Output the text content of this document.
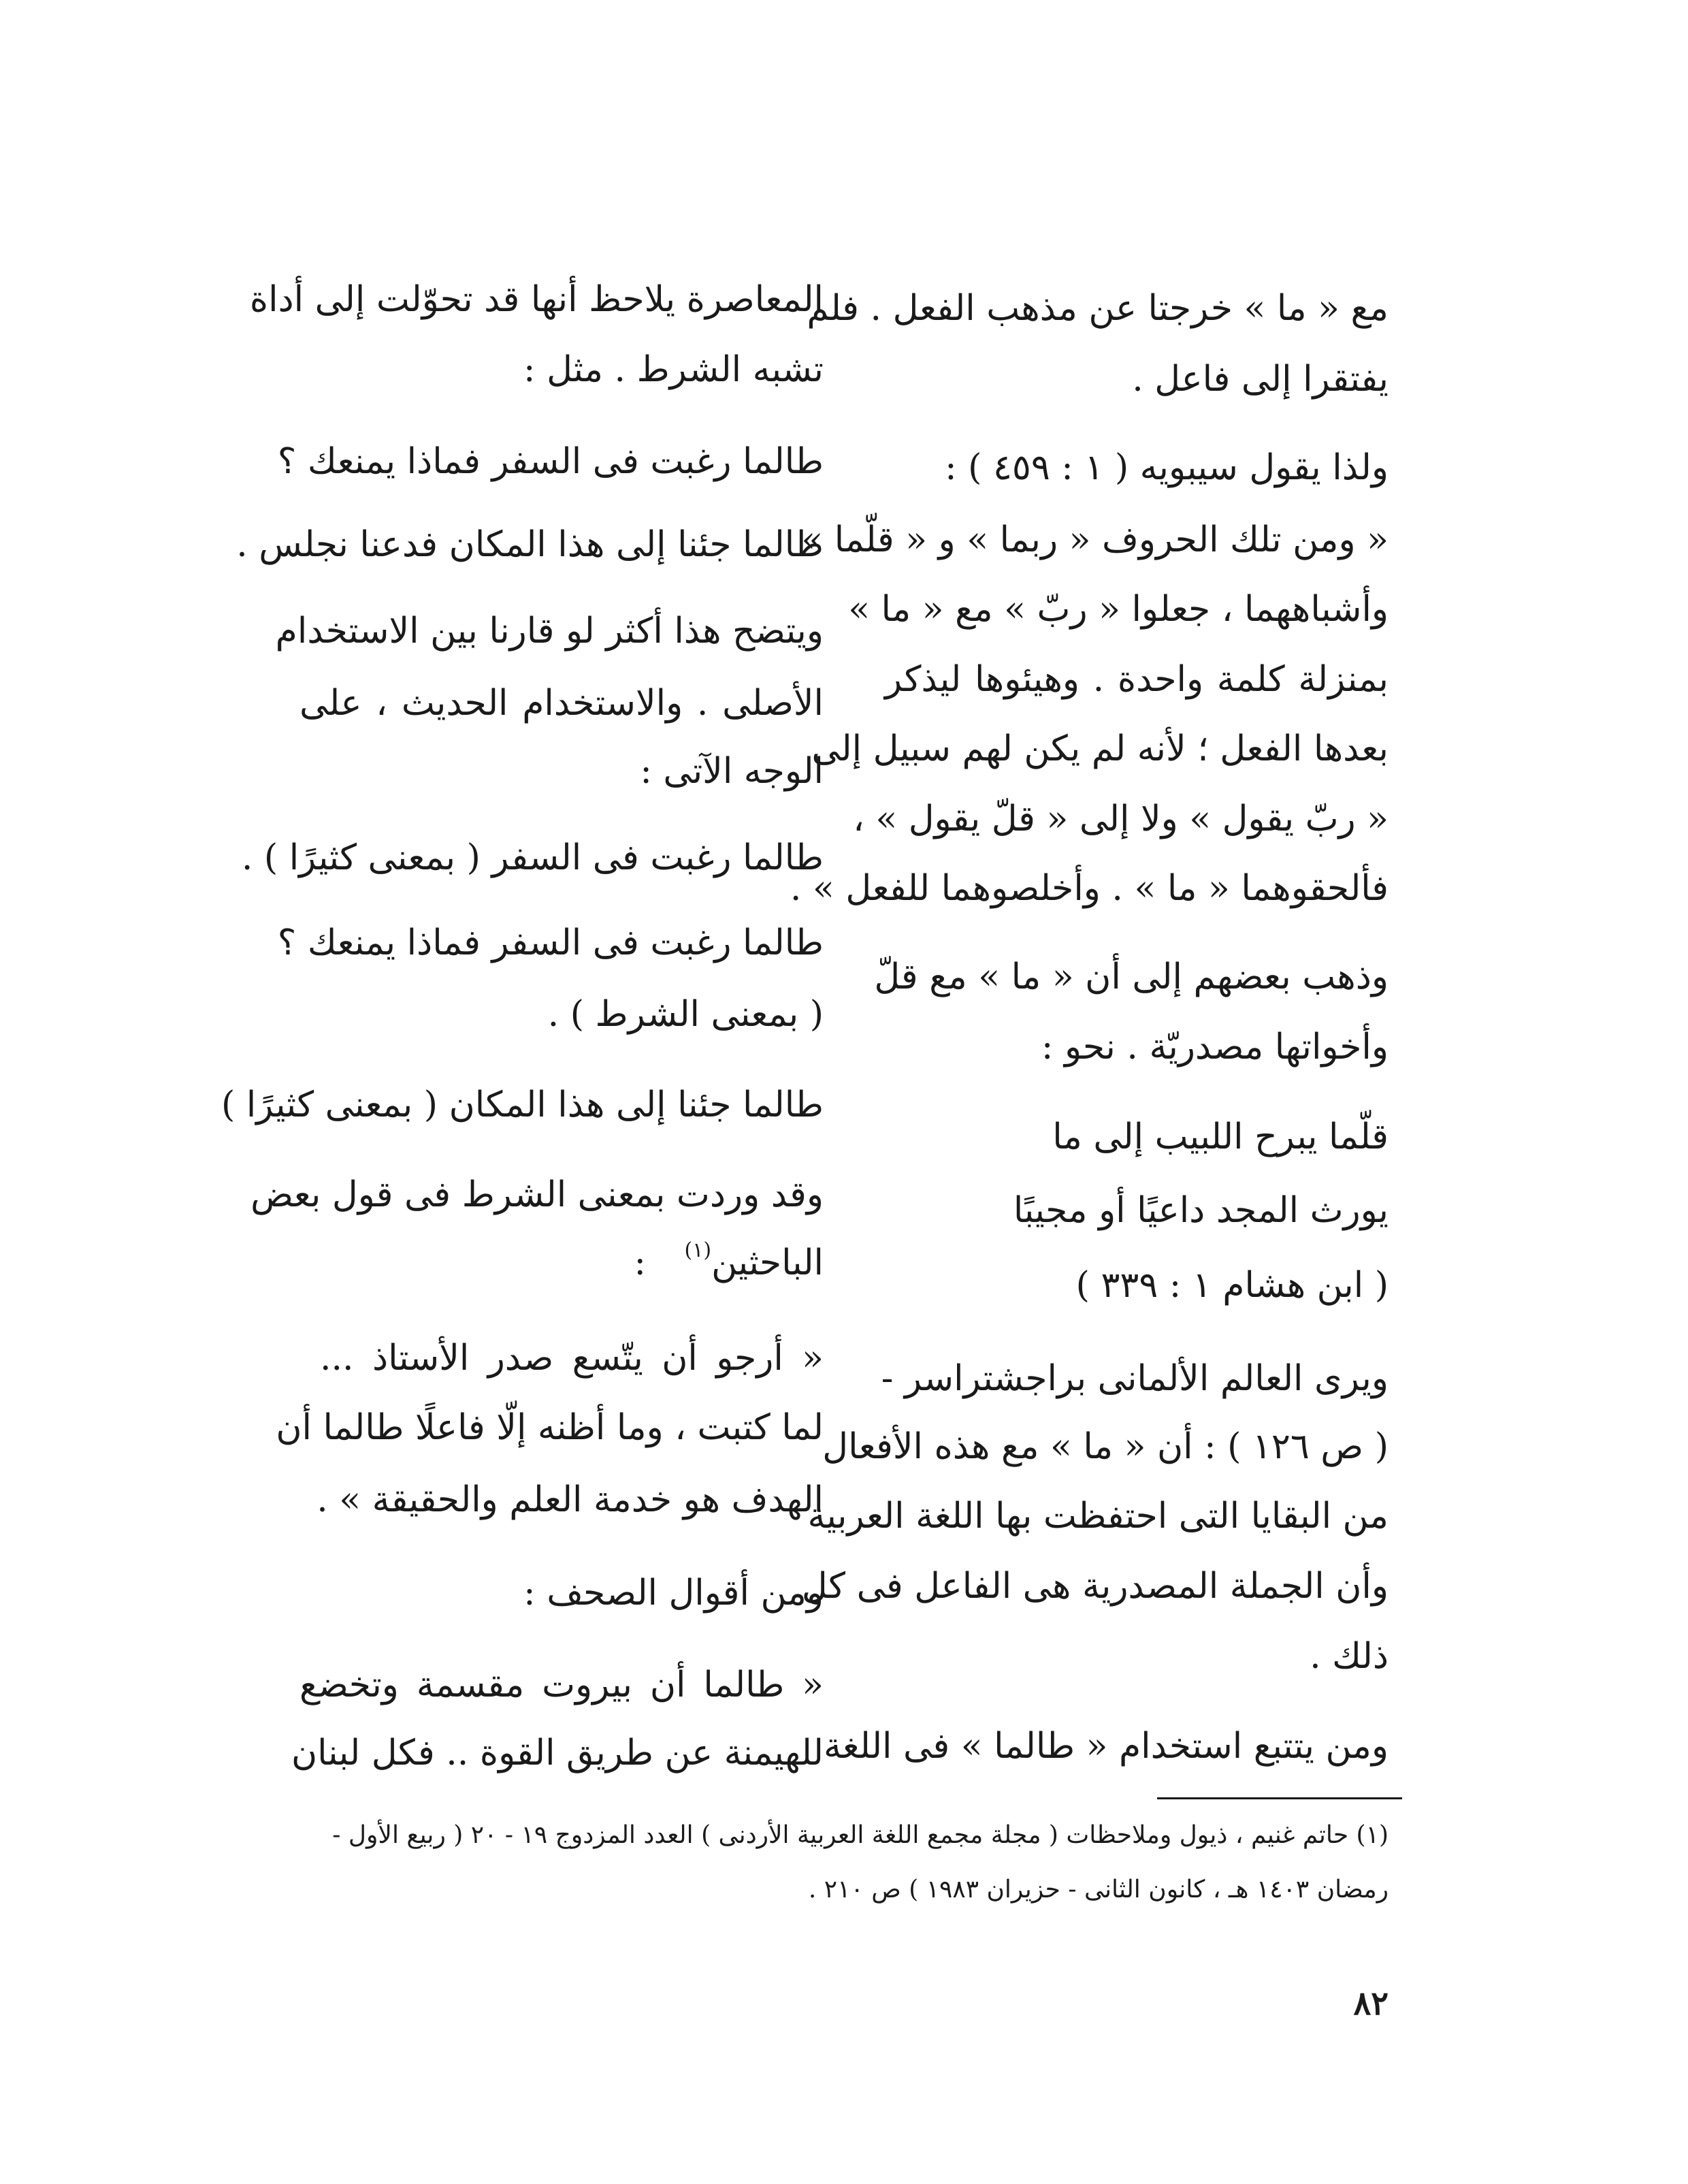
مع « ما » خرجتا عن مذهب الفعل . فلم
يفتقرا إلى فاعل .
ولذا يقول سيبويه ( ١ : ٤٥٩ ) :
« ومن تلك الحروف « ربما » و « قلّما »
وأشباههما ، جعلوا « ربّ » مع « ما »
بمنزلة كلمة واحدة . وهيئوها ليذكر
بعدها الفعل ؛ لأنه لم يكن لهم سبيل إلى
« ربّ يقول » ولا إلى « قلّ يقول » ،
فألحقوهما « ما » . وأخلصوهما للفعل » .
وذهب بعضهم إلى أن « ما » مع قلّ
وأخواتها مصدريّة . نحو :
قلّما يبرح اللبيب إلى ما
يورث المجد داعيًا أو مجيبًا
( ابن هشام ١ : ٣٣٩ )
ويرى العالم الألمانى براجشتراسر -
( ص ١٢٦ ) : أن « ما » مع هذه الأفعال
من البقايا التى احتفظت بها اللغة العربية
وأن الجملة المصدرية هى الفاعل فى كل
ذلك .
ومن يتتبع استخدام « طالما » فى اللغة
المعاصرة يلاحظ أنها قد تحوّلت إلى أداة
تشبه الشرط . مثل :
طالما رغبت فى السفر فماذا يمنعك ؟
طالما جئنا إلى هذا المكان فدعنا نجلس .
ويتضح هذا أكثر لو قارنا بين الاستخدام
الأصلى . والاستخدام الحديث ، على
الوجه الآتى :
طالما رغبت فى السفر ( بمعنى كثيرًا ) .
طالما رغبت فى السفر فماذا يمنعك ؟
( بمعنى الشرط ) .
طالما جئنا إلى هذا المكان ( بمعنى كثيرًا )
وقد وردت بمعنى الشرط فى قول بعض
الباحثين$^{(١)}$ :
« أرجو أن يتّسع صدر الأستاذ ...
لما كتبت ، وما أظنه إلّا فاعلًا طالما أن
الهدف هو خدمة العلم والحقيقة » .
ومن أقوال الصحف :
« طالما أن بيروت مقسمة وتخضع
للهيمنة عن طريق القوة .. فكل لبنان
(١) حاتم غنيم ، ذيول وملاحظات ( مجلة مجمع اللغة العربية الأردنى ) العدد المزدوج ١٩ - ٢٠ ( ربيع الأول -
رمضان ١٤٠٣ هـ ، كانون الثانى - حزيران ١٩٨٣ ) ص ٢١٠ .
٨٢
